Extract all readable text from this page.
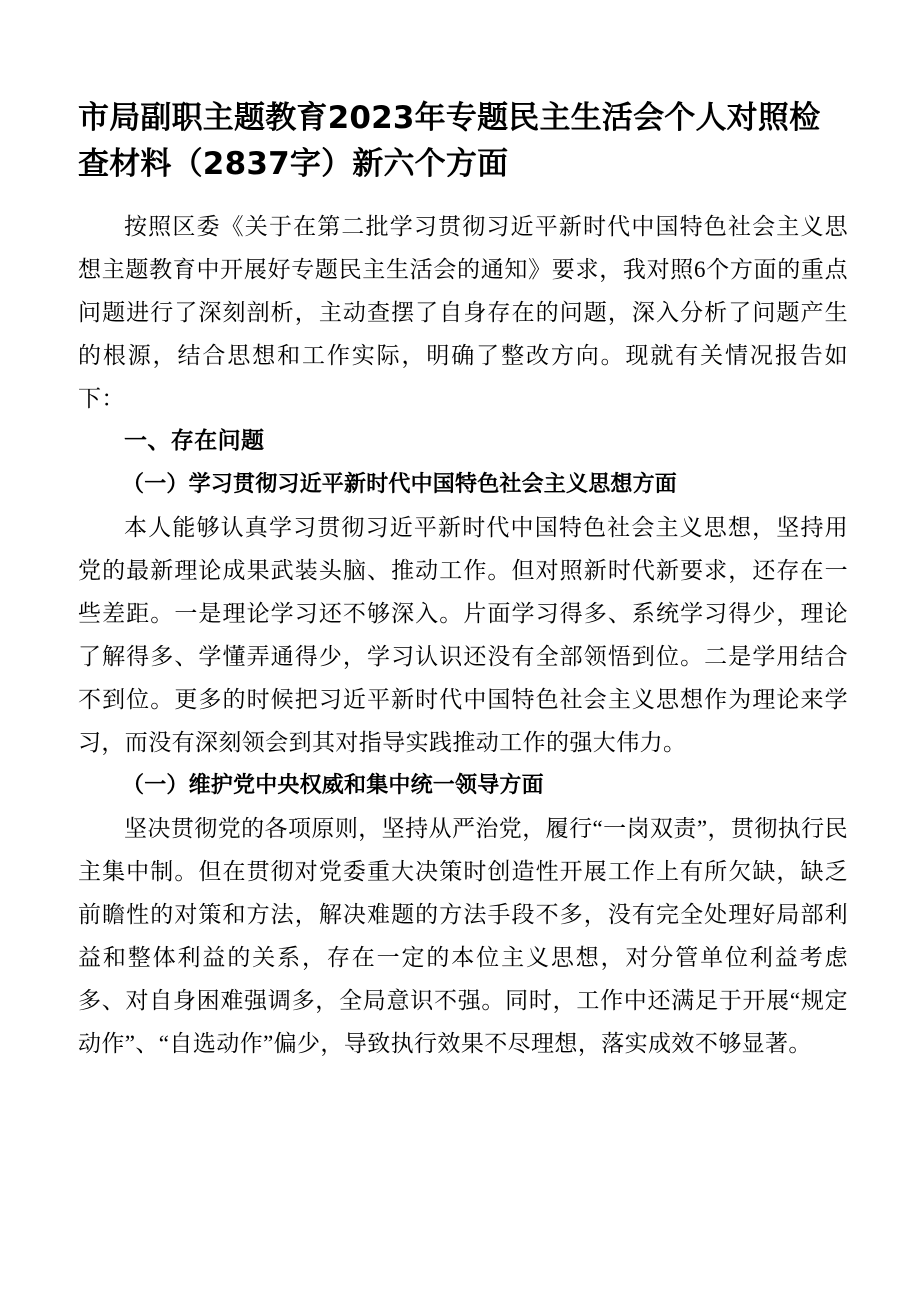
市局副职主题教育2023年专题民主生活会个人对照检查材料（2837字）新六个方面

按照区委《关于在第二批学习贯彻习近平新时代中国特色社会主义思想主题教育中开展好专题民主生活会的通知》要求，我对照6个方面的重点问题进行了深刻剖析，主动查摆了自身存在的问题，深入分析了问题产生的根源，结合思想和工作实际，明确了整改方向。现就有关情况报告如下：

一、存在问题

（一）学习贯彻习近平新时代中国特色社会主义思想方面

本人能够认真学习贯彻习近平新时代中国特色社会主义思想，坚持用党的最新理论成果武装头脑、推动工作。但对照新时代新要求，还存在一些差距。一是理论学习还不够深入。片面学习得多、系统学习得少，理论了解得多、学懂弄通得少，学习认识还没有全部领悟到位。二是学用结合不到位。更多的时候把习近平新时代中国特色社会主义思想作为理论来学习，而没有深刻领会到其对指导实践推动工作的强大伟力。

（一）维护党中央权威和集中统一领导方面

坚决贯彻党的各项原则，坚持从严治党，履行“一岗双责”，贯彻执行民主集中制。但在贯彻对党委重大决策时创造性开展工作上有所欠缺，缺乏前瞻性的对策和方法，解决难题的方法手段不多，没有完全处理好局部利益和整体利益的关系，存在一定的本位主义思想，对分管单位利益考虑多、对自身困难强调多，全局意识不强。同时，工作中还满足于开展“规定动作”、“自选动作”偏少，导致执行效果不尽理想，落实成效不够显著。
